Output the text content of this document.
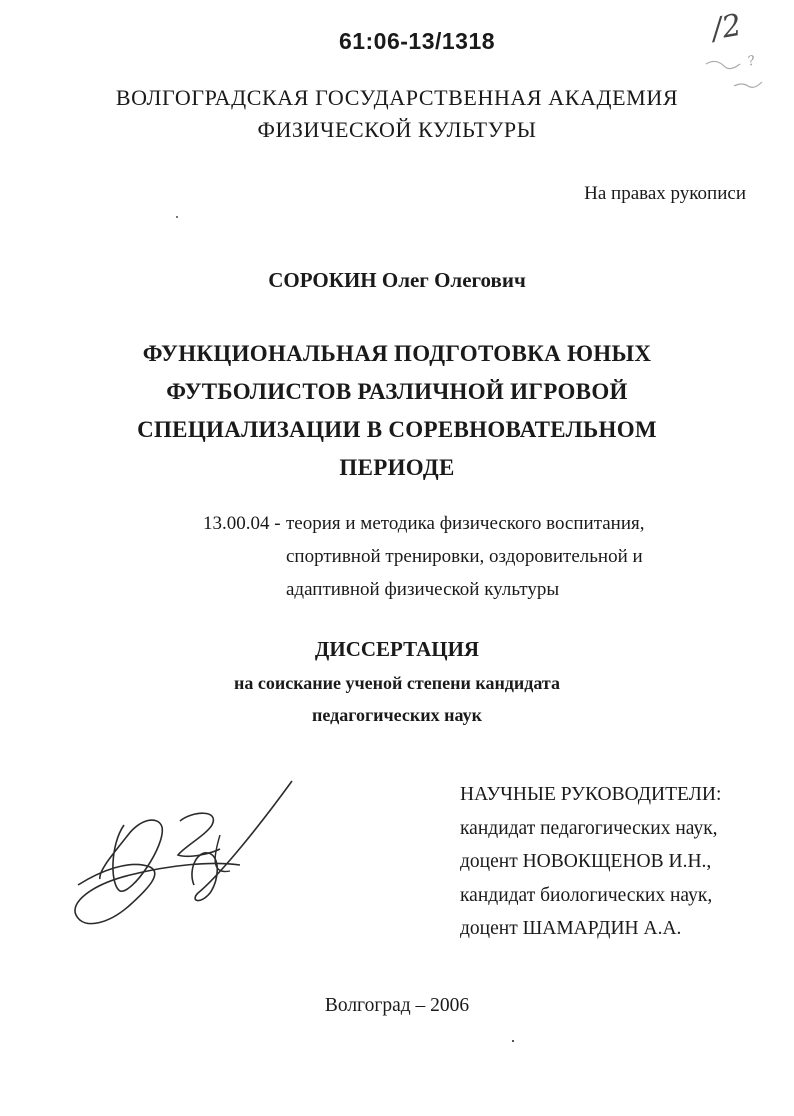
61:06-13/1318	/2
?
ВОЛГОГРАДСКАЯ ГОСУДАРСТВЕННАЯ АКАДЕМИЯ
ФИЗИЧЕСКОЙ КУЛЬТУРЫ
На правах рукописи
СОРОКИН Олег Олегович
ФУНКЦИОНАЛЬНАЯ ПОДГОТОВКА ЮНЫХ
ФУТБОЛИСТОВ РАЗЛИЧНОЙ ИГРОВОЙ
СПЕЦИАЛИЗАЦИИ В СОРЕВНОВАТЕЛЬНОМ
ПЕРИОДЕ
13.00.04 - теория и методика физического воспитания,
спортивной тренировки, оздоровительной и
адаптивной физической культуры
ДИССЕРТАЦИЯ
на соискание ученой степени кандидата
педагогических наук
НАУЧНЫЕ РУКОВОДИТЕЛИ:
кандидат педагогических наук,
доцент НОВОКЩЕНОВ И.Н.,
кандидат биологических наук,
доцент ШАМАРДИН А.А.
Волгоград – 2006
